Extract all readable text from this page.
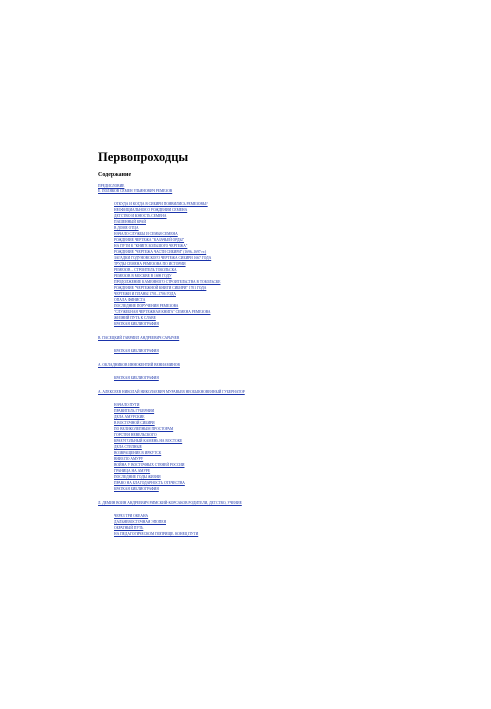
Первопроходцы
Содержание
ПРЕДИСЛОВИЕ
Е. ПОЛЯКОВ СЕМЕН УЛЬЯНОВИЧ РЕМЕЗОВ
ОТКУДА И КОГДА В СИБИРИ ПОЯВИЛИСЬ РЕМЕЗОВЫ?
НЕОФИЦИАЛЬНОЕ О РОЖДЕНИИ СЕМЕНА
ДЕТСТВО И ЮНОСТЬ СЕМЕНА
ПАШЕННЫЙ КРАЙ
В ДОМЕ ОТЦА
НАЧАЛО СЛУЖБЫ И СЕМЬЯ СЕМЕНА
РОЖДЕНИЕ ЧЕРТЕЖА "КАЗАЧЬЕЙ ОРДЫ"
НА ПУТИ К "КНИГЕ БОЛЬШОГО ЧЕРТЕЖА"
РОЖДЕНИЕ "ЧЕРТЕЖА ЧАСТИ СИБИРИ" (1696–1697 гг.)
ЗАГАДКИ ГОДУНОВСКОГО ЧЕРТЕЖА СИБИРИ 1667 ГОДА
ТРУДЫ СЕМЕНА РЕМЕЗОВА ПО ИСТОРИИ
РЕМЕЗОВ – СТРОИТЕЛЬ ТОБОЛЬСКА
РЕМЕЗОВ В МОСКВЕ В 1698 ГОДУ
ПРОДОЛЖЕНИЕ КАМЕННОГО СТРОИТЕЛЬСТВА В ТОБОЛЬСКЕ
РОЖДЕНИЕ "ЧЕРТЕЖНОЙ КНИГИ СИБИРИ" 1701 ГОДА
ЧЕРТЕЖИ И ПЛАНЫ 1701–1706 ГОДА
ОПАЛА ФИНИСТА
ПОСЛЕДНИЕ ПОРУЧЕНИЯ РЕМЕЗОВА
"СЛУЖЕБНАЯ ЧЕРТЕЖНАЯ КНИГА" СЕМЕНА РЕМЕЗОВА
ЖИЗНИЙ ПУТЬ К СЛАВЕ
КРАТКАЯ БИБЛИОГРАФИЯ
В. ПАСЕЦКИЙ ГАВРИИЛ АНДРЕЕВИЧ САРЫЧЕВ
КРАТКАЯ БИБЛИОГРАФИЯ
А. ОКЛАДНИКОВ ИННОКЕНТИЙ ВЕНИАМИНОВ
КРАТКАЯ БИБЛИОГРАФИЯ
А. АЛЕКСЕЕВ НИКОЛАЙ НИКОЛАЕВИЧ МУРАВЬЕВ НЕОБЫКНОВЕННЫЙ ГУБЕРНАТОР
НАЧАЛО ПУТИ
ПРАВИТЕЛЬ ГУБЕРНИИ
ДЕЛА АМУРСКИЕ
В ВОСТОЧНОЙ СИБИРИ
ПО ВЕЛИКОЛЕПНЫМ ПРОСТОРАМ
ГОРСТЕН НЕВЕЛЬСКОГО
КРАЕУГОЛЬНЫЙ КАМЕНЬ НА ВОСТОКЕ
ДЕЛА СТЕПНЫЕ
ВОЗВРАЩЕНИЕ В ИРКУТСК
ВНИЗ ПО АМУРУ
ВОЙНА У ВОСТОЧНЫХ СТЕНЕЙ РОССИИ
ГРАНИЦА НА АМУРЕ
ПОСЛЕДНИЕ ГОДЫ ЖИЗНИ
ПРАВО НА БЛАГОДАРНОСТЬ ОТЕЧЕСТВА
КРАТКАЯ БИБЛИОГРАФИЯ
Л. ДЕМИН ВОИН АНДРЕЕВИЧ РИМСКИЙ-КОРСАКОВ РОДИТЕЛИ, ДЕТСТВО, УЧЕНИЕ
ЧЕРЕЗ ТРИ ОКЕАНА
ДАЛЬНЕВОСТОЧНАЯ ЭПОПЕЯ
ОБРАТНЫЙ ПУТЬ
НА ПЕДАГОГИЧЕСКОМ ПОПРИЩЕ. КОНЕЦ ПУТИ
